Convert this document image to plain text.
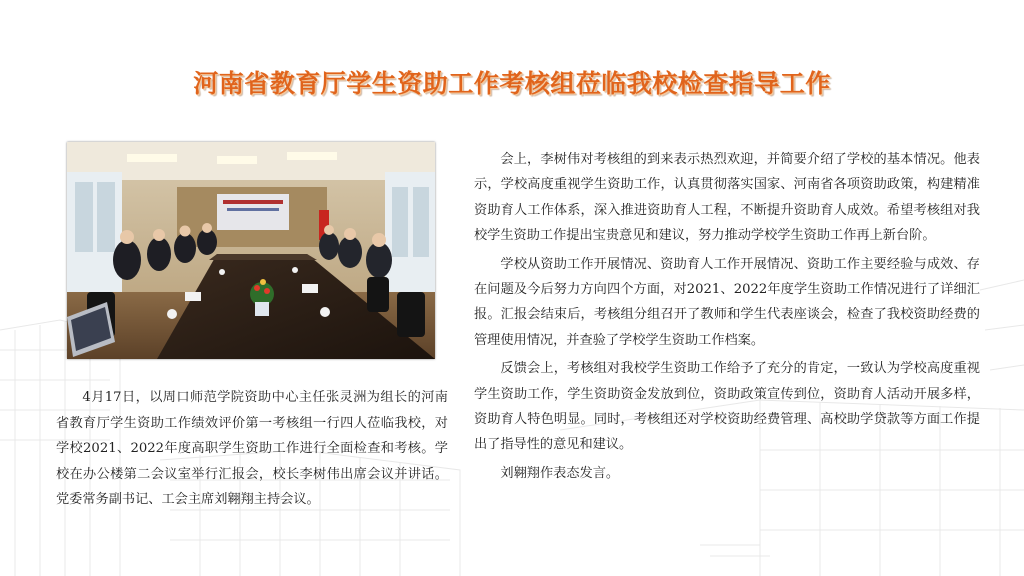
河南省教育厅学生资助工作考核组莅临我校检查指导工作
4月17日，以周口师范学院资助中心主任张灵洲为组长的河南省教育厅学生资助工作绩效评价第一考核组一行四人莅临我校，对学校2021、2022年度高职学生资助工作进行全面检查和考核。学校在办公楼第二会议室举行汇报会，校长李树伟出席会议并讲话。党委常务副书记、工会主席刘翱翔主持会议。

会上，李树伟对考核组的到来表示热烈欢迎，并简要介绍了学校的基本情况。他表示，学校高度重视学生资助工作，认真贯彻落实国家、河南省各项资助政策，构建精准资助育人工作体系，深入推进资助育人工程，不断提升资助育人成效。希望考核组对我校学生资助工作提出宝贵意见和建议，努力推动学校学生资助工作再上新台阶。

学校从资助工作开展情况、资助育人工作开展情况、资助工作主要经验与成效、存在问题及今后努力方向四个方面，对2021、2022年度学生资助工作情况进行了详细汇报。汇报会结束后，考核组分组召开了教师和学生代表座谈会，检查了我校资助经费的管理使用情况，并查验了学校学生资助工作档案。

反馈会上，考核组对我校学生资助工作给予了充分的肯定，一致认为学校高度重视学生资助工作，学生资助资金发放到位，资助政策宣传到位，资助育人活动开展多样，资助育人特色明显。同时，考核组还对学校资助经费管理、高校助学贷款等方面工作提出了指导性的意见和建议。

刘翱翔作表态发言。
